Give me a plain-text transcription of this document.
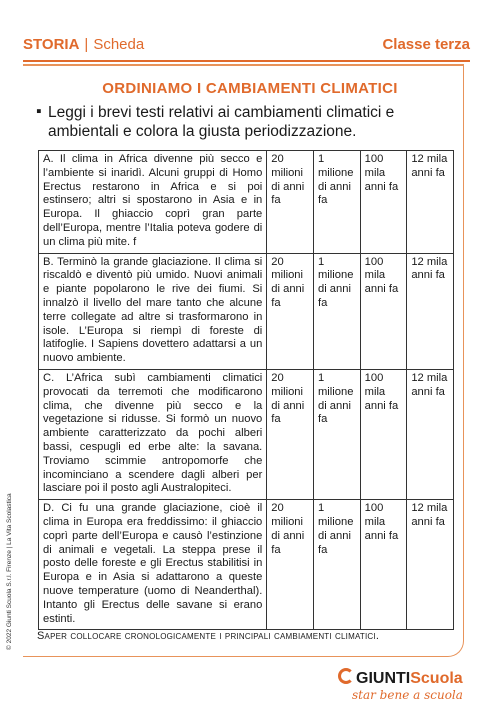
STORIA | Scheda	Classe terza
ORDINIAMO I CAMBIAMENTI CLIMATICI
▪ Leggi i brevi testi relativi ai cambiamenti climatici e ambientali e colora la giusta periodizzazione.
A. Il clima in Africa divenne più secco e l’ambiente si inaridì. Alcuni gruppi di Homo Erectus restarono in Africa e si poi estinsero; altri si spostarono in Asia e in Europa. Il ghiaccio coprì gran parte dell’Europa, mentre l’Italia poteva godere di un clima più mite. f	20 milioni di anni fa	1 milione di anni fa	100 mila anni fa	12 mila anni fa
B. Terminò la grande glaciazione. Il clima si riscaldò e diventò più umido. Nuovi animali e piante popolarono le rive dei fiumi. Si innalzò il livello del mare tanto che alcune terre collegate ad altre si trasformarono in isole. L’Europa si riempì di foreste di latifoglie. I Sapiens dovettero adattarsi a un nuovo ambiente.	20 milioni di anni fa	1 milione di anni fa	100 mila anni fa	12 mila anni fa
C. L’Africa subì cambiamenti climatici provocati da terremoti che modificarono clima, che divenne più secco e la vegetazione si ridusse. Si formò un nuovo ambiente caratterizzato da pochi alberi bassi, cespugli ed erbe alte: la savana. Troviamo scimmie antropomorfe che incominciano a scendere dagli alberi per lasciare poi il posto agli Australopiteci.	20 milioni di anni fa	1 milione di anni fa	100 mila anni fa	12 mila anni fa
D. Ci fu una grande glaciazione, cioè il clima in Europa era freddissimo: il ghiaccio coprì parte dell’Europa e causò l’estinzione di animali e vegetali. La steppa prese il posto delle foreste e gli Erectus stabilitisi in Europa e in Asia si adattarono a queste nuove temperature (uomo di Neanderthal). Intanto gli Erectus delle savane si erano estinti.	20 milioni di anni fa	1 milione di anni fa	100 mila anni fa	12 mila anni fa
Saper collocare cronologicamente i principali cambiamenti climatici.
GIUNTIScuola
star bene a scuola
© 2022 Giunti Scuola S.r.l. Firenze | La Vita Scolastica
